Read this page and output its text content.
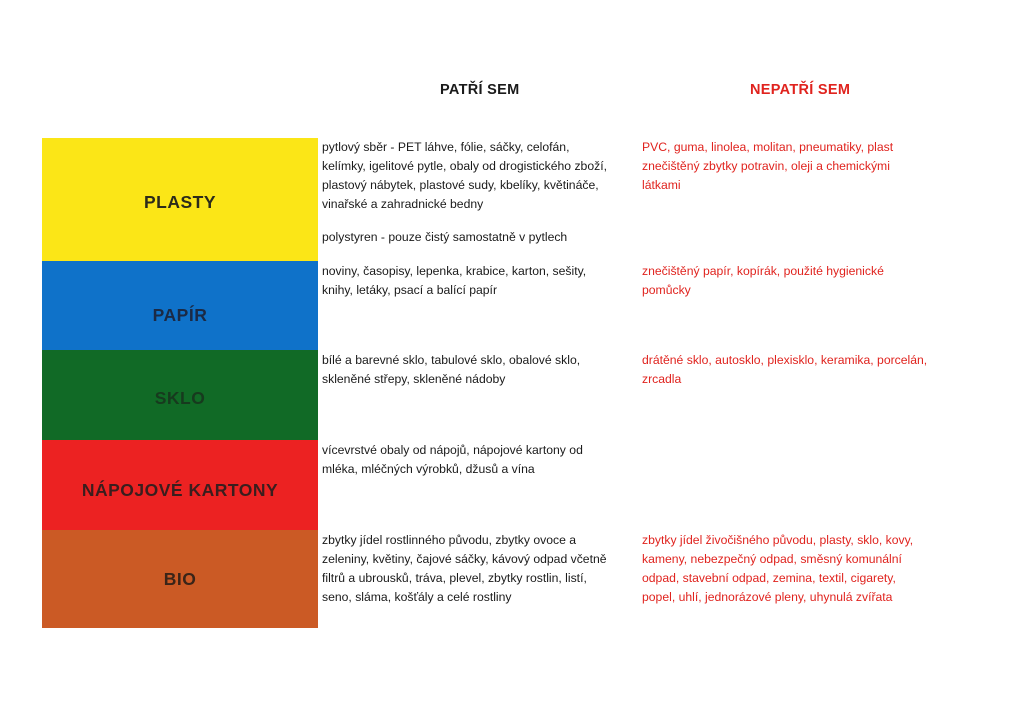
PATŘÍ SEM	NEPATŘÍ SEM
PLASTY
pytlový sběr - PET láhve, fólie, sáčky, celofán,
kelímky, igelitové pytle, obaly od drogistického zboží,
plastový nábytek, plastové sudy, kbelíky, květináče,
vinařské a zahradnické bedny
polystyren - pouze čistý samostatně v pytlech
PVC, guma, linolea, molitan, pneumatiky, plast
znečištěný zbytky potravin, oleji a chemickými
látkami
PAPÍR
noviny, časopisy, lepenka, krabice, karton, sešity,
knihy, letáky, psací a balící papír
znečištěný papír, kopírák, použité hygienické
pomůcky
SKLO
bílé a barevné sklo, tabulové sklo, obalové sklo,
skleněné střepy, skleněné nádoby
drátěné sklo, autosklo, plexisklo, keramika, porcelán,
zrcadla
NÁPOJOVÉ KARTONY
vícevrstvé obaly od nápojů, nápojové kartony od
mléka, mléčných výrobků, džusů a vína
BIO
zbytky jídel rostlinného původu, zbytky ovoce a
zeleniny, květiny, čajové sáčky, kávový odpad včetně
filtrů a ubrousků, tráva, plevel, zbytky rostlin, listí,
seno, sláma, košťály a celé rostliny
zbytky jídel živočišného původu, plasty, sklo, kovy,
kameny, nebezpečný odpad, směsný komunální
odpad, stavební odpad, zemina, textil, cigarety,
popel, uhlí, jednorázové pleny, uhynulá zvířata
